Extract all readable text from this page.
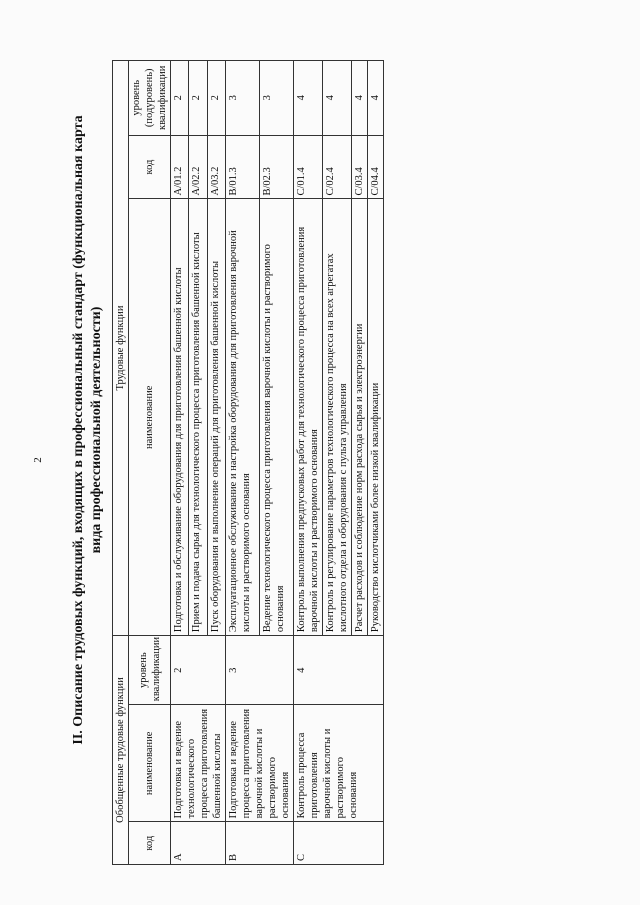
2 II. Описание трудовых функций, входящих в профессиональный стандарт (функциональная карта вида профессиональной деятельности)
Обобщенные трудовые функции			Трудовые функции		
код	наименование	уровень квалификации	наименование	код	уровень (подуровень) квалификации
A	Подготовка и ведение технологического процесса приготовления башенной кислоты	2	Подготовка и обслуживание оборудования для приготовления башенной кислоты	A/01.2	2
			Прием и подача сырья для технологического процесса приготовления башенной кислоты	A/02.2	2
			Пуск оборудования и выполнение операций для приготовления башенной кислоты	A/03.2	2
B	Подготовка и ведение процесса приготовления варочной кислоты и растворимого основания	3	Эксплуатационное обслуживание и настройка оборудования для приготовления варочной кислоты и растворимого основания	B/01.3	3
			Ведение технологического процесса приготовления варочной кислоты и растворимого основания	B/02.3	3
C	Контроль процесса приготовления варочной кислоты и растворимого основания	4	Контроль выполнения предпусковых работ для технологического процесса приготовления варочной кислоты и растворимого основания	C/01.4	4
			Контроль и регулирование параметров технологического процесса на всех агрегатах кислотного отдела и оборудования с пульта управления	C/02.4	4
			Расчет расходов и соблюдение норм расхода сырья и электроэнергии	C/03.4	4
			Руководство кислотчиками более низкой квалификации	C/04.4	4
